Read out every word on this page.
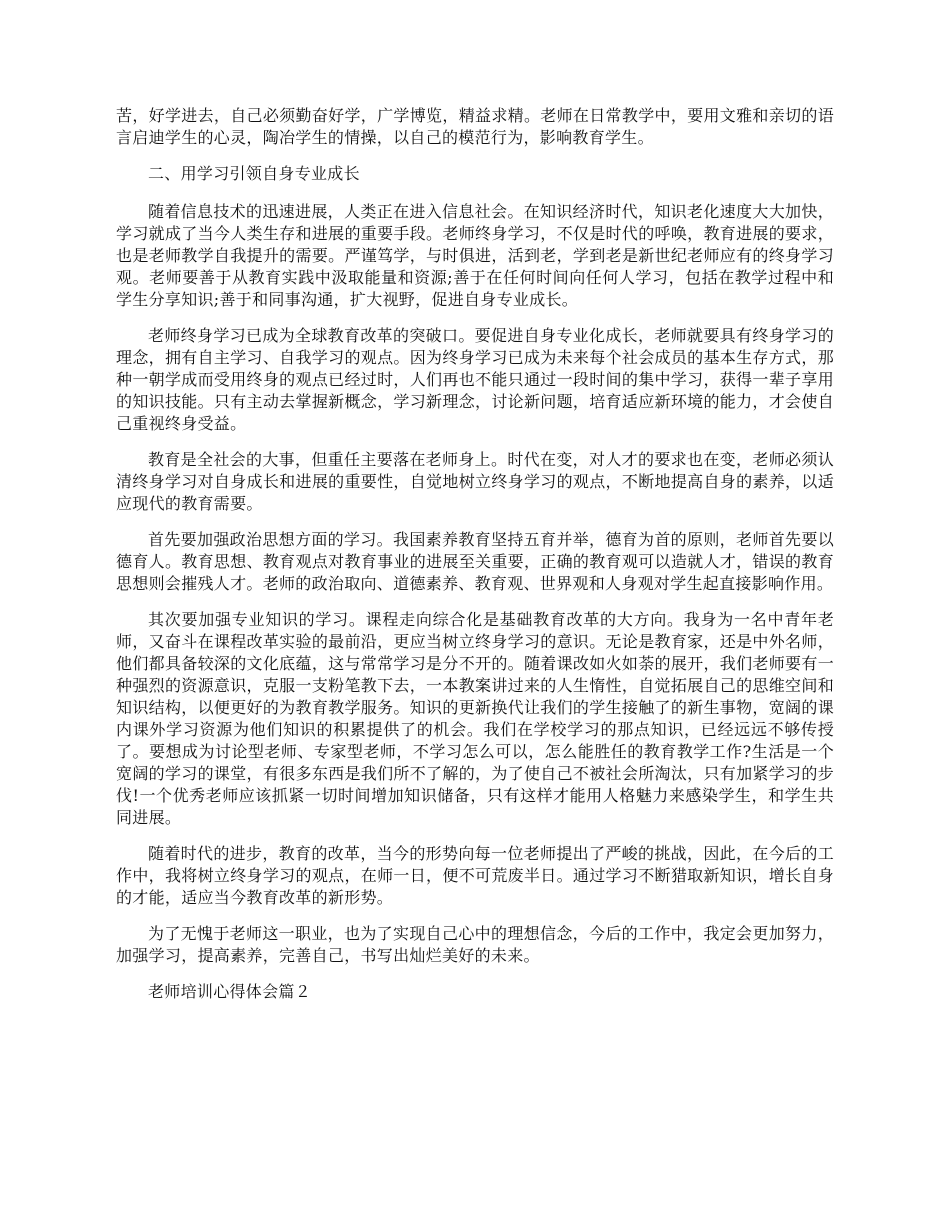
苦，好学进去，自己必须勤奋好学，广学博览，精益求精。老师在日常教学中，要用文雅和亲切的语言启迪学生的心灵，陶冶学生的情操，以自己的模范行为，影响教育学生。

二、用学习引领自身专业成长

随着信息技术的迅速进展，人类正在进入信息社会。在知识经济时代，知识老化速度大大加快，学习就成了当今人类生存和进展的重要手段。老师终身学习，不仅是时代的呼唤，教育进展的要求，也是老师教学自我提升的需要。严谨笃学，与时俱进，活到老，学到老是新世纪老师应有的终身学习观。老师要善于从教育实践中汲取能量和资源;善于在任何时间向任何人学习，包括在教学过程中和学生分享知识;善于和同事沟通，扩大视野，促进自身专业成长。

老师终身学习已成为全球教育改革的突破口。要促进自身专业化成长，老师就要具有终身学习的理念，拥有自主学习、自我学习的观点。因为终身学习已成为未来每个社会成员的基本生存方式，那种一朝学成而受用终身的观点已经过时，人们再也不能只通过一段时间的集中学习，获得一辈子享用的知识技能。只有主动去掌握新概念，学习新理念，讨论新问题，培育适应新环境的能力，才会使自己重视终身受益。

教育是全社会的大事，但重任主要落在老师身上。时代在变，对人才的要求也在变，老师必须认清终身学习对自身成长和进展的重要性，自觉地树立终身学习的观点，不断地提高自身的素养，以适应现代的教育需要。

首先要加强政治思想方面的学习。我国素养教育坚持五育并举，德育为首的原则，老师首先要以德育人。教育思想、教育观点对教育事业的进展至关重要，正确的教育观可以造就人才，错误的教育思想则会摧残人才。老师的政治取向、道德素养、教育观、世界观和人身观对学生起直接影响作用。

其次要加强专业知识的学习。课程走向综合化是基础教育改革的大方向。我身为一名中青年老师，又奋斗在课程改革实验的最前沿，更应当树立终身学习的意识。无论是教育家，还是中外名师，他们都具备较深的文化底蕴，这与常常学习是分不开的。随着课改如火如荼的展开，我们老师要有一种强烈的资源意识，克服一支粉笔教下去，一本教案讲过来的人生惰性，自觉拓展自己的思维空间和知识结构，以便更好的为教育教学服务。知识的更新换代让我们的学生接触了的新生事物，宽阔的课内课外学习资源为他们知识的积累提供了的机会。我们在学校学习的那点知识，已经远远不够传授了。要想成为讨论型老师、专家型老师，不学习怎么可以，怎么能胜任的教育教学工作?生活是一个宽阔的学习的课堂，有很多东西是我们所不了解的，为了使自己不被社会所淘汰，只有加紧学习的步伐!一个优秀老师应该抓紧一切时间增加知识储备，只有这样才能用人格魅力来感染学生，和学生共同进展。

随着时代的进步，教育的改革，当今的形势向每一位老师提出了严峻的挑战，因此，在今后的工作中，我将树立终身学习的观点，在师一日，便不可荒废半日。通过学习不断猎取新知识，增长自身的才能，适应当今教育改革的新形势。

为了无愧于老师这一职业，也为了实现自己心中的理想信念，今后的工作中，我定会更加努力，加强学习，提高素养，完善自己，书写出灿烂美好的未来。

老师培训心得体会篇２
